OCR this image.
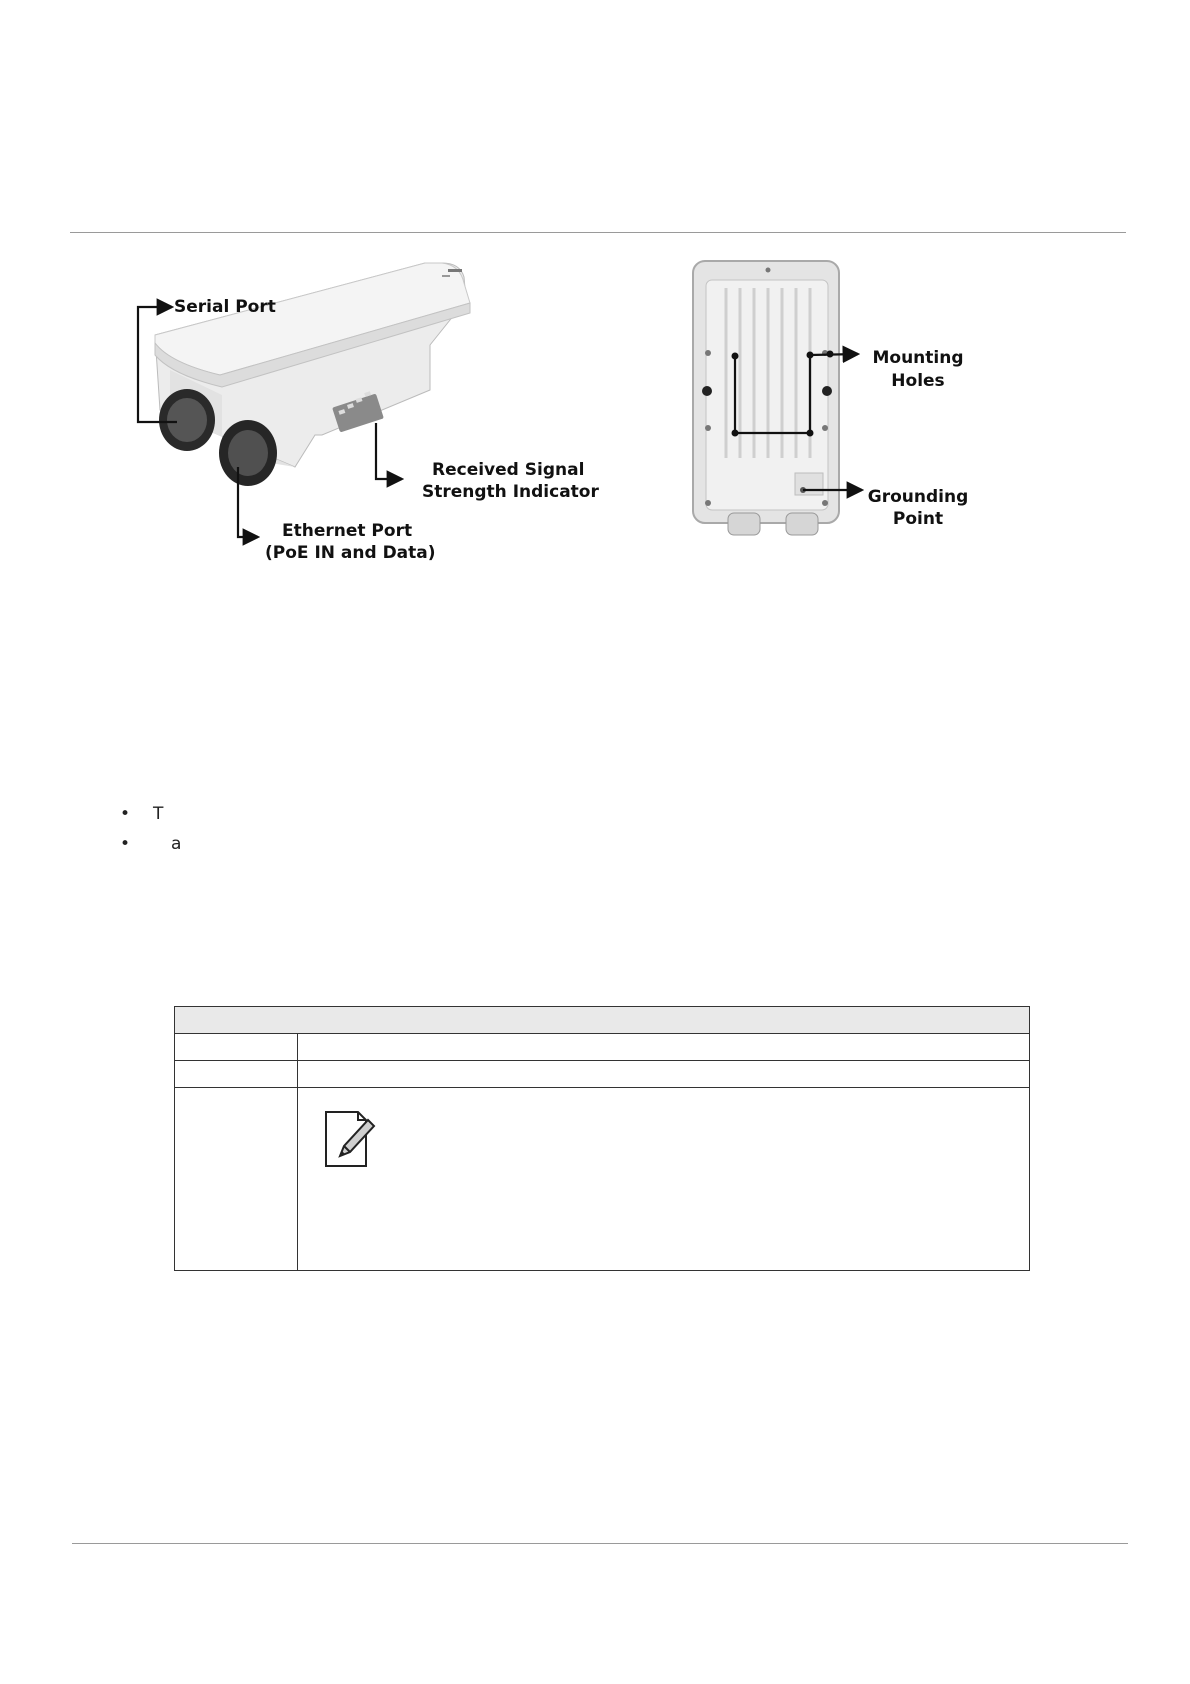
Serial Port
Received Signal
Strength Indicator
Ethernet Port
(PoE IN and Data)
Mounting
Holes
Grounding
Point
• T
• a
